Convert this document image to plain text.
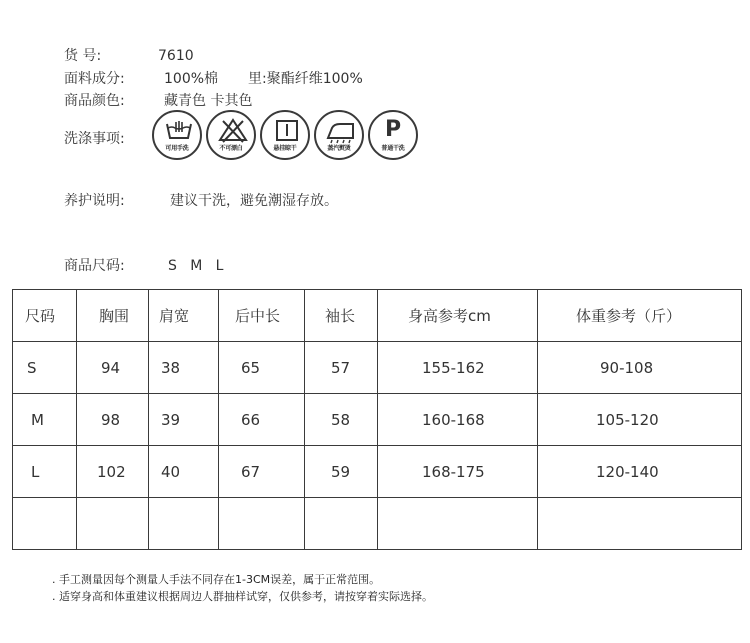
货 号:	7610
面料成分:	100%棉 里:聚酯纤维100%
商品颜色:	藏青色 卡其色
洗涤事项:
可用手洗	不可漂白	悬挂晾干	蒸汽熨烫
P
普通干洗
养护说明:	建议干洗，避免潮湿存放。
商品尺码:	S   M   L
尺码	胸围	肩宽	后中长	袖长	身高参考cm	体重参考（斤）
S	94	38	65	57	155-162	90-108
M	98	39	66	58	160-168	105-120
L	102	40	67	59	168-175	120-140

. 手工测量因每个测量人手法不同存在1-3CM误差，属于正常范围。
. 适穿身高和体重建议根据周边人群抽样试穿，仅供参考，请按穿着实际选择。
